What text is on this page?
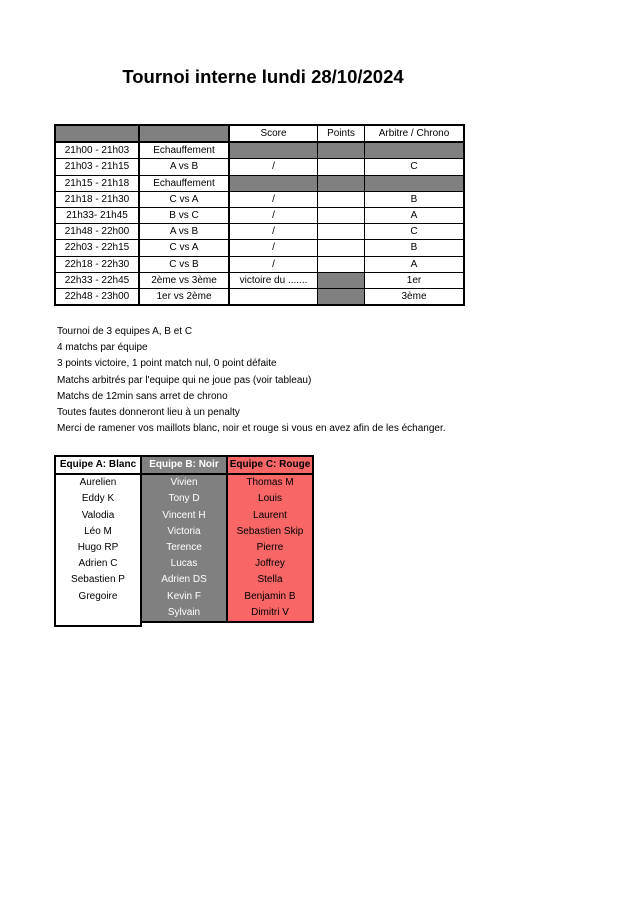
Tournoi interne lundi 28/10/2024
		Score	Points	Arbitre / Chrono
21h00 - 21h03	Echauffement			
21h03 - 21h15	A vs B	/		C
21h15 - 21h18	Echauffement			
21h18 - 21h30	C vs A	/		B
21h33- 21h45	B vs C	/		A
21h48 - 22h00	A vs B	/		C
22h03 - 22h15	C vs A	/		B
22h18 - 22h30	C vs B	/		A
22h33 - 22h45	2ème vs 3ème	victoire du .......		1er
22h48 - 23h00	1er vs 2ème			3ème
Tournoi de 3 equipes A, B et C
4 matchs par équipe
3 points victoire, 1 point match nul, 0 point défaite
Matchs arbitrés par l'equipe qui ne joue pas (voir tableau)
Matchs de 12min sans arret de chrono
Toutes fautes donneront lieu à un penalty
Merci de ramener vos maillots blanc, noir et rouge si vous en avez afin de les échanger.
Equipe A: Blanc	Equipe B: Noir	Equipe C: Rouge
Aurelien	Vivien	Thomas M
Eddy K	Tony D	Louis
Valodia	Vincent H	Laurent
Léo M	Victoria	Sebastien Skip
Hugo RP	Terence	Pierre
Adrien C	Lucas	Joffrey
Sebastien P	Adrien DS	Stella
Gregoire	Kevin F	Benjamin B
	Sylvain	Dimitri V
